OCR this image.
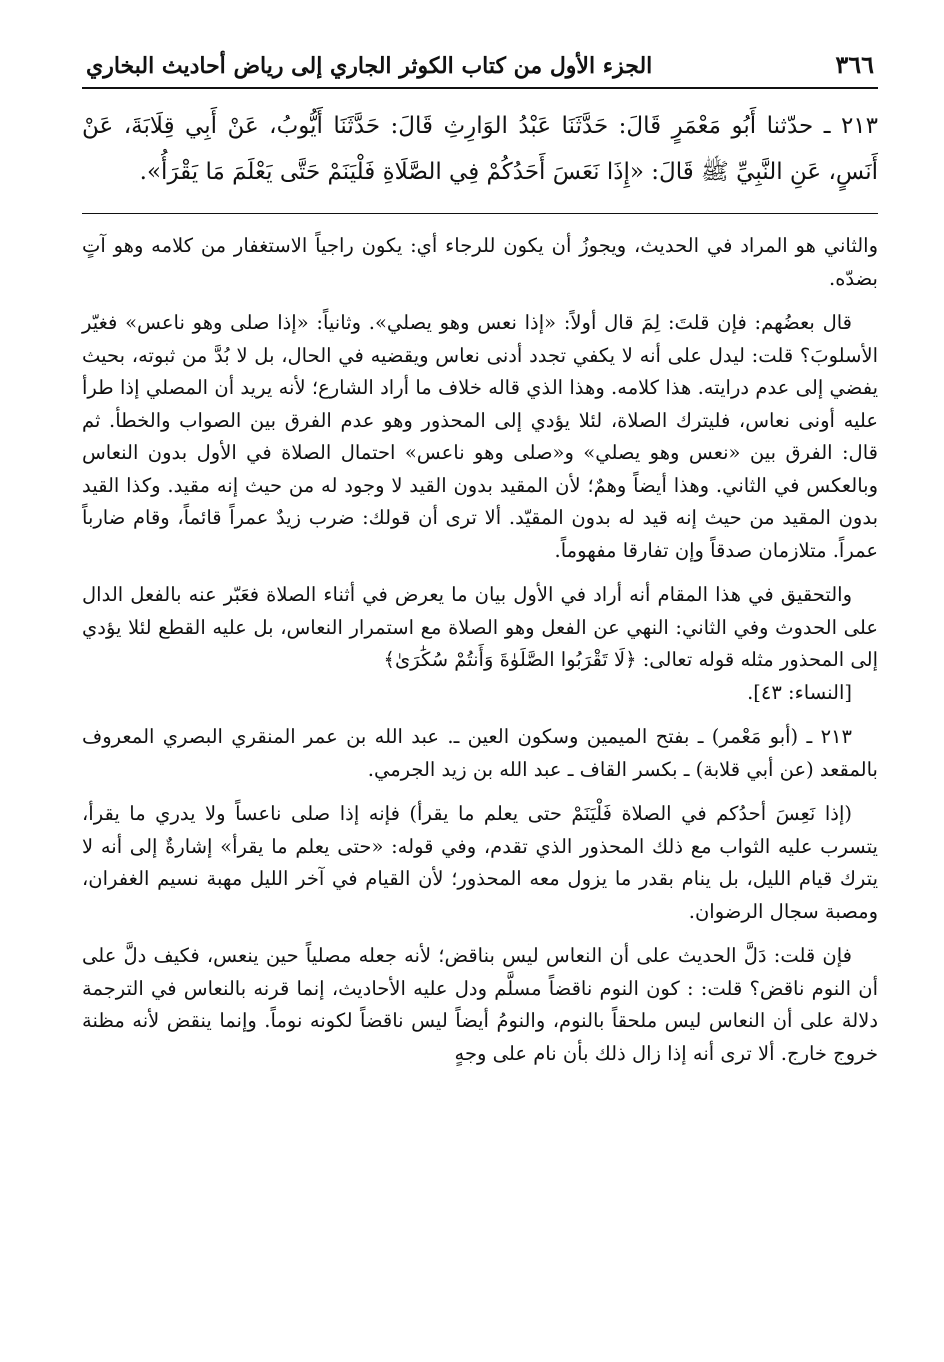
٣٦٦
الجزء الأول من كتاب الكوثر الجاري إلى رياض أحاديث البخاري

٢١٣ ـ حدّثنا أَبُو مَعْمَرٍ قَالَ: حَدَّثَنَا عَبْدُ الوَارِثِ قَالَ: حَدَّثَنَا أَيُّوبُ، عَنْ أَبِي قِلَابَةَ، عَنْ أَنَسٍ، عَنِ النَّبِيِّ ﷺ قَالَ: «إِذَا نَعَسَ أَحَدُكُمْ فِي الصَّلَاةِ فَلْيَنَمْ حَتَّى يَعْلَمَ مَا يَقْرَأُ».

والثاني هو المراد في الحديث، ويجوزُ أن يكون للرجاء أي: يكون راجياً الاستغفار من كلامه وهو آتٍ بضدّه.

قال بعضُهم: فإن قلتَ: لِمَ قال أولاً: «إذا نعس وهو يصلي». وثانياً: «إذا صلى وهو ناعس» فغيّر الأسلوبَ؟ قلت: ليدل على أنه لا يكفي تجدد أدنى نعاس ويقضيه في الحال، بل لا بُدَّ من ثبوته، بحيث يفضي إلى عدم درايته. هذا كلامه. وهذا الذي قاله خلاف ما أراد الشارع؛ لأنه يريد أن المصلي إذا طرأ عليه أونى نعاس، فليترك الصلاة، لئلا يؤدي إلى المحذور وهو عدم الفرق بين الصواب والخطأ. ثم قال: الفرق بين «نعس وهو يصلي» و«صلى وهو ناعس» احتمال الصلاة في الأول بدون النعاس وبالعكس في الثاني. وهذا أيضاً وهمٌ؛ لأن المقيد بدون القيد لا وجود له من حيث إنه مقيد. وكذا القيد بدون المقيد من حيث إنه قيد له بدون المقيّد. ألا ترى أن قولك: ضرب زيدٌ عمراً قائماً، وقام ضارباً عمراً. متلازمان صدقاً وإن تفارقا مفهوماً.

والتحقيق في هذا المقام أنه أراد في الأول بيان ما يعرض في أثناء الصلاة فعَبّر عنه بالفعل الدال على الحدوث وفي الثاني: النهي عن الفعل وهو الصلاة مع استمرار النعاس، بل عليه القطع لئلا يؤدي إلى المحذور مثله قوله تعالى: ﴿لَا تَقْرَبُوا الصَّلَوٰةَ وَأَنتُمْ سُكَٰرَىٰ﴾
[النساء: ٤٣].

٢١٣ ـ (أبو مَعْمر) ـ بفتح الميمين وسكون العين ـ. عبد الله بن عمر المنقري البصري المعروف بالمقعد (عن أبي قلابة) ـ بكسر القاف ـ عبد الله بن زيد الجرمي.

(إذا نَعِسَ أحدُكم في الصلاة فَلْيَنَمْ حتى يعلم ما يقرأ) فإنه إذا صلى ناعساً ولا يدري ما يقرأ، يتسرب عليه الثواب مع ذلك المحذور الذي تقدم، وفي قوله: «حتى يعلم ما يقرأ» إشارةٌ إلى أنه لا يترك قيام الليل، بل ينام بقدر ما يزول معه المحذور؛ لأن القيام في آخر الليل مهبة نسيم الغفران، ومصبة سجال الرضوان.

فإن قلت: دَلَّ الحديث على أن النعاس ليس بناقض؛ لأنه جعله مصلياً حين ينعس، فكيف دلَّ على أن النوم ناقض؟ قلت: : كون النوم ناقضاً مسلَّم ودل عليه الأحاديث، إنما قرنه بالنعاس في الترجمة دلالة على أن النعاس ليس ملحقاً بالنوم، والنومُ أيضاً ليس ناقضاً لكونه نوماً. وإنما ينقض لأنه مظنة خروج خارج. ألا ترى أنه إذا زال ذلك بأن نام على وجهٍ
